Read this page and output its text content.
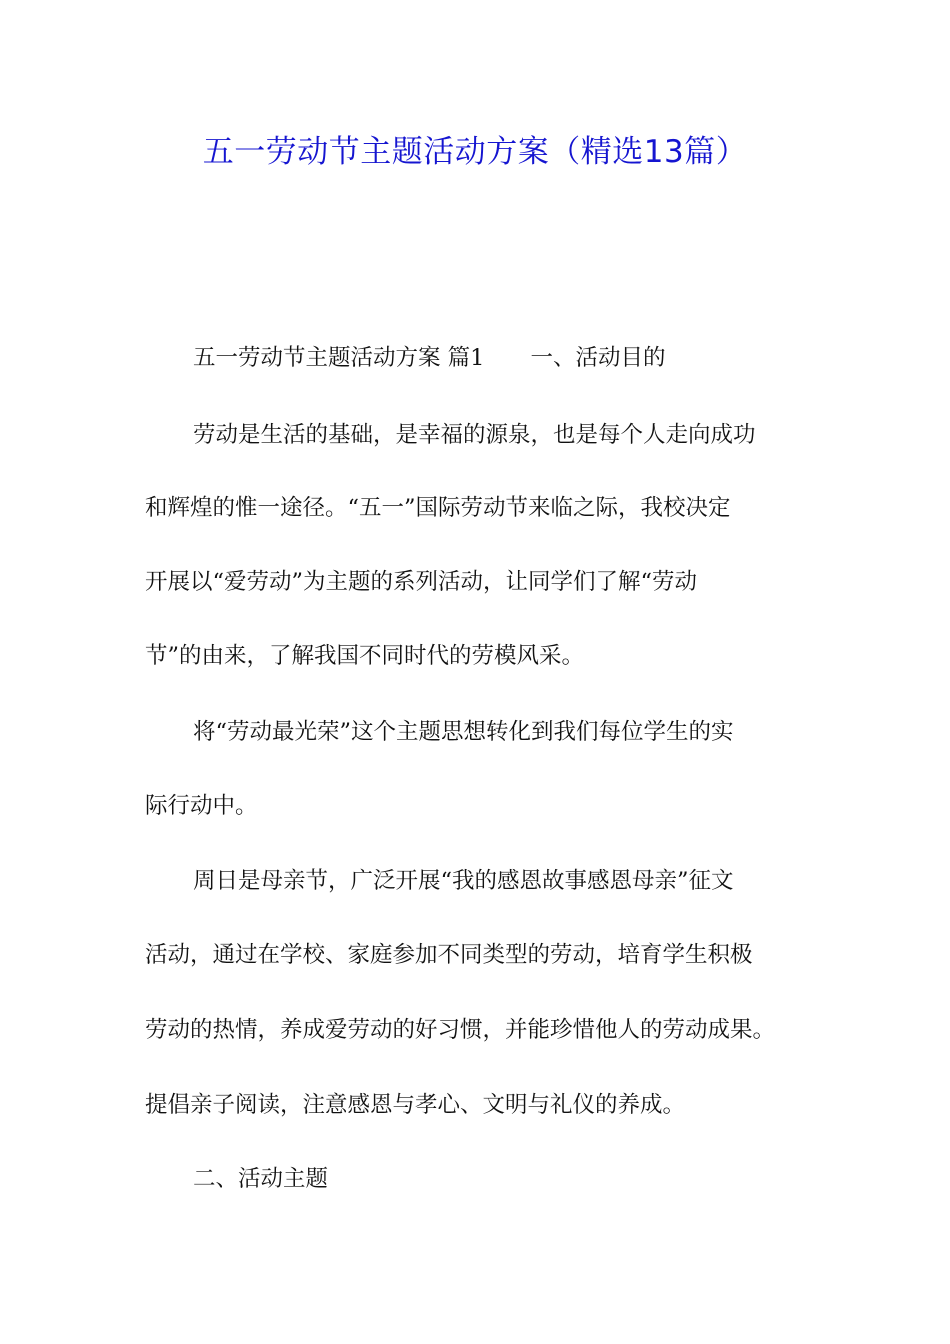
五一劳动节主题活动方案（精选13篇）
五一劳动节主题活动方案 篇1 一、活动目的
劳动是生活的基础，是幸福的源泉，也是每个人走向成功
和辉煌的惟一途径。“五一”国际劳动节来临之际，我校决定
开展以“爱劳动”为主题的系列活动，让同学们了解“劳动
节”的由来，了解我国不同时代的劳模风采。
将“劳动最光荣”这个主题思想转化到我们每位学生的实
际行动中。
周日是母亲节，广泛开展“我的感恩故事感恩母亲”征文
活动，通过在学校、家庭参加不同类型的劳动，培育学生积极
劳动的热情，养成爱劳动的好习惯，并能珍惜他人的劳动成果。
提倡亲子阅读，注意感恩与孝心、文明与礼仪的养成。
二、活动主题
